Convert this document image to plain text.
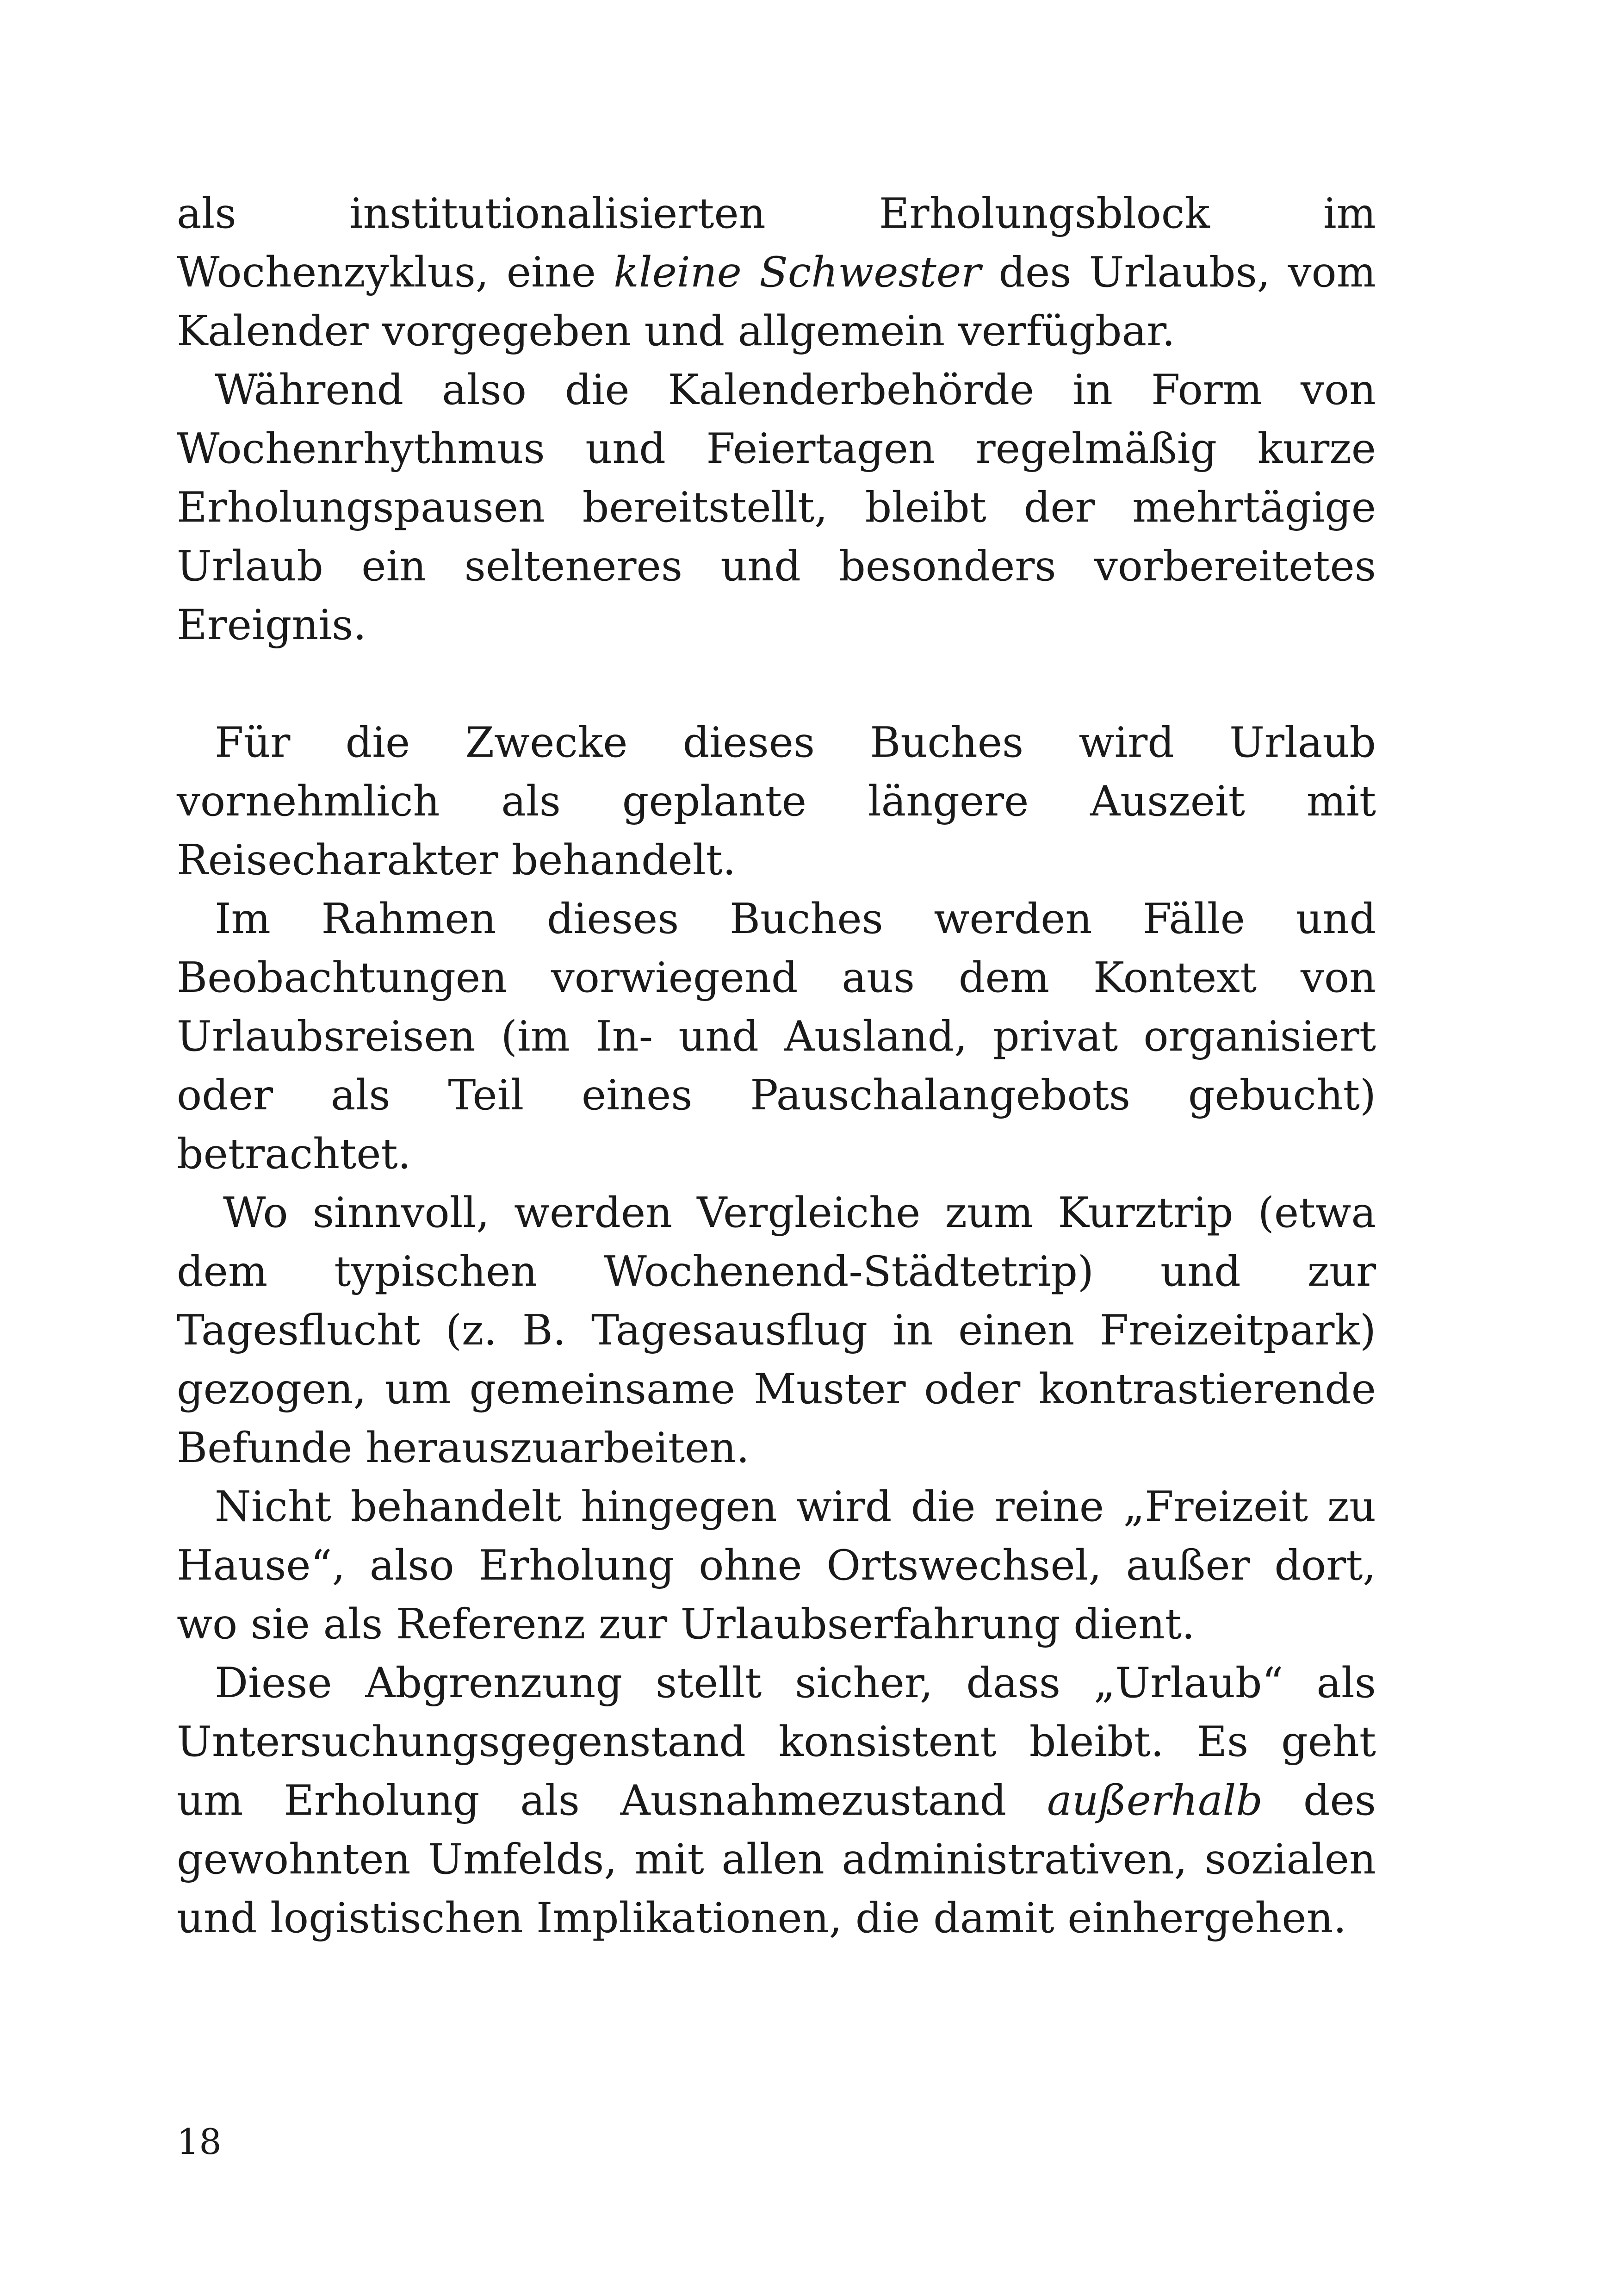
als institutionalisierten Erholungsblock im Wochenzyklus, eine kleine Schwester des Urlaubs, vom Kalender vorgegeben und allgemein verfügbar.

Während also die Kalenderbehörde in Form von Wochenrhythmus und Feiertagen regelmäßig kurze Erholungspausen bereitstellt, bleibt der mehrtägige Urlaub ein selteneres und besonders vorbereitetes Ereignis.

Für die Zwecke dieses Buches wird Urlaub vornehmlich als geplante längere Auszeit mit Reisecharakter behandelt.

Im Rahmen dieses Buches werden Fälle und Beobachtungen vorwiegend aus dem Kontext von Urlaubsreisen (im In- und Ausland, privat organisiert oder als Teil eines Pauschalangebots gebucht) betrachtet.

Wo sinnvoll, werden Vergleiche zum Kurztrip (etwa dem typischen Wochenend-Städtetrip) und zur Tagesflucht (z. B. Tagesausflug in einen Freizeitpark) gezogen, um gemeinsame Muster oder kontrastierende Befunde herauszuarbeiten.

Nicht behandelt hingegen wird die reine „Freizeit zu Hause“, also Erholung ohne Ortswechsel, außer dort, wo sie als Referenz zur Urlaubserfahrung dient.

Diese Abgrenzung stellt sicher, dass „Urlaub“ als Untersuchungsgegenstand konsistent bleibt. Es geht um Erholung als Ausnahmezustand außerhalb des gewohnten Umfelds, mit allen administrativen, sozialen und logistischen Implikationen, die damit einhergehen.

18
